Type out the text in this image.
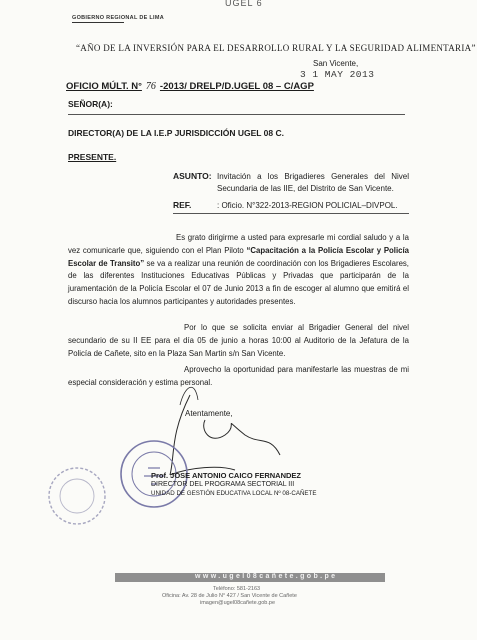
UGEL 6
GOBIERNO REGIONAL DE LIMA
“AÑO DE LA INVERSIÓN PARA EL DESARROLLO RURAL Y LA SEGURIDAD ALIMENTARIA”
San Vicente,
3 1 MAY 2013
OFICIO MÚLT. N° 76 -2013/ DRELP/D.UGEL 08 – C/AGP
SEÑOR(A):
DIRECTOR(A) DE LA I.E.P JURISDICCIÓN UGEL 08 C.
PRESENTE.
ASUNTO: Invitación a los Brigadieres Generales del Nivel Secundaria de las IIE, del Distrito de San Vicente.
REF.	: Oficio. N°322-2013-REGION POLICIAL–DIVPOL.
Es grato dirigirme a usted para expresarle mi cordial saludo y a la vez comunicarle que, siguiendo con el Plan Piloto “Capacitación a la Policía Escolar y Policía Escolar de Transito” se va a realizar una reunión de coordinación con los Brigadieres Escolares, de las diferentes Instituciones Educativas Públicas y Privadas que participarán de la juramentación de la Policía Escolar el 07 de Junio 2013 a fin de escoger al alumno que emitirá el discurso hacia los alumnos participantes y autoridades presentes.
Por lo que se solicita enviar al Brigadier General del nivel secundario de su II EE para el día 05 de junio a horas 10:00 al Auditorio de la Jefatura de la Policía de Cañete, sito en la Plaza San Martin s/n San Vicente.
Aprovecho la oportunidad para manifestarle las muestras de mi especial consideración y estima personal.
Atentamente,
Prof. JOSE ANTONIO CAICO FERNANDEZ
DIRECTOR DEL PROGRAMA SECTORIAL III
UNIDAD DE GESTIÓN EDUCATIVA LOCAL Nº 08-CAÑETE
www.ugel08cañete.gob.pe
Teléfono: 581-2163
Oficina: Av. 28 de Julio N° 427 / San Vicente de Cañete
imagen@ugel08cañete.gob.pe
